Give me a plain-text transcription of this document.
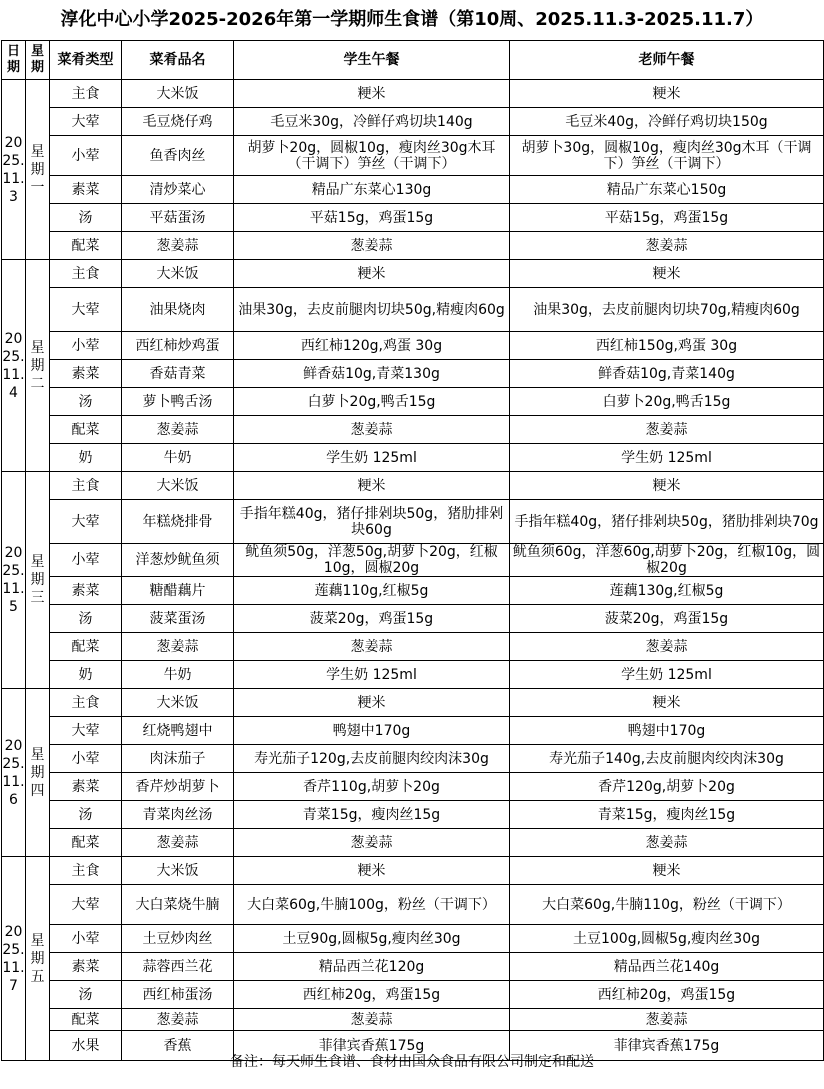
淳化中心小学2025-2026年第一学期师生食谱（第10周、2025.11.3-2025.11.7）
日期	星期	菜肴类型	菜肴品名	学生午餐	老师午餐
2025.11.3	星期一	主食	大米饭	粳米	粳米
		大荤	毛豆烧仔鸡	毛豆米30g，冷鲜仔鸡切块140g	毛豆米40g，冷鲜仔鸡切块150g
		小荤	鱼香肉丝	胡萝卜20g，圆椒10g，瘦肉丝30g木耳（干调下）笋丝（干调下）	胡萝卜30g，圆椒10g，瘦肉丝30g木耳（干调下）笋丝（干调下）
		素菜	清炒菜心	精品广东菜心130g	精品广东菜心150g
		汤	平菇蛋汤	平菇15g，鸡蛋15g	平菇15g，鸡蛋15g
		配菜	葱姜蒜	葱姜蒜	葱姜蒜
2025.11.4	星期二	主食	大米饭	粳米	粳米
		大荤	油果烧肉	油果30g，去皮前腿肉切块50g,精瘦肉60g	油果30g，去皮前腿肉切块70g,精瘦肉60g
		小荤	西红柿炒鸡蛋	西红柿120g,鸡蛋 30g	西红柿150g,鸡蛋 30g
		素菜	香菇青菜	鲜香菇10g,青菜130g	鲜香菇10g,青菜140g
		汤	萝卜鸭舌汤	白萝卜20g,鸭舌15g	白萝卜20g,鸭舌15g
		配菜	葱姜蒜	葱姜蒜	葱姜蒜
		奶	牛奶	学生奶 125ml	学生奶 125ml
2025.11.5	星期三	主食	大米饭	粳米	粳米
		大荤	年糕烧排骨	手指年糕40g，猪仔排剁块50g，猪肋排剁块60g	手指年糕40g，猪仔排剁块50g，猪肋排剁块70g
		小荤	洋葱炒鱿鱼须	鱿鱼须50g，洋葱50g,胡萝卜20g，红椒10g，圆椒20g	鱿鱼须60g，洋葱60g,胡萝卜20g，红椒10g，圆椒20g
		素菜	糖醋藕片	莲藕110g,红椒5g	莲藕130g,红椒5g
		汤	菠菜蛋汤	菠菜20g，鸡蛋15g	菠菜20g，鸡蛋15g
		配菜	葱姜蒜	葱姜蒜	葱姜蒜
		奶	牛奶	学生奶 125ml	学生奶 125ml
2025.11.6	星期四	主食	大米饭	粳米	粳米
		大荤	红烧鸭翅中	鸭翅中170g	鸭翅中170g
		小荤	肉沫茄子	寿光茄子120g,去皮前腿肉绞肉沫30g	寿光茄子140g,去皮前腿肉绞肉沫30g
		素菜	香芹炒胡萝卜	香芹110g,胡萝卜20g	香芹120g,胡萝卜20g
		汤	青菜肉丝汤	青菜15g，瘦肉丝15g	青菜15g，瘦肉丝15g
		配菜	葱姜蒜	葱姜蒜	葱姜蒜
2025.11.7	星期五	主食	大米饭	粳米	粳米
		大荤	大白菜烧牛腩	大白菜60g,牛腩100g，粉丝（干调下）	大白菜60g,牛腩110g，粉丝（干调下）
		小荤	土豆炒肉丝	土豆90g,圆椒5g,瘦肉丝30g	土豆100g,圆椒5g,瘦肉丝30g
		素菜	蒜蓉西兰花	精品西兰花120g	精品西兰花140g
		汤	西红柿蛋汤	西红柿20g，鸡蛋15g	西红柿20g，鸡蛋15g
		配菜	葱姜蒜	葱姜蒜	葱姜蒜
		水果	香蕉	菲律宾香蕉175g	菲律宾香蕉175g
备注：每天师生食谱、食材由国众食品有限公司制定和配送
